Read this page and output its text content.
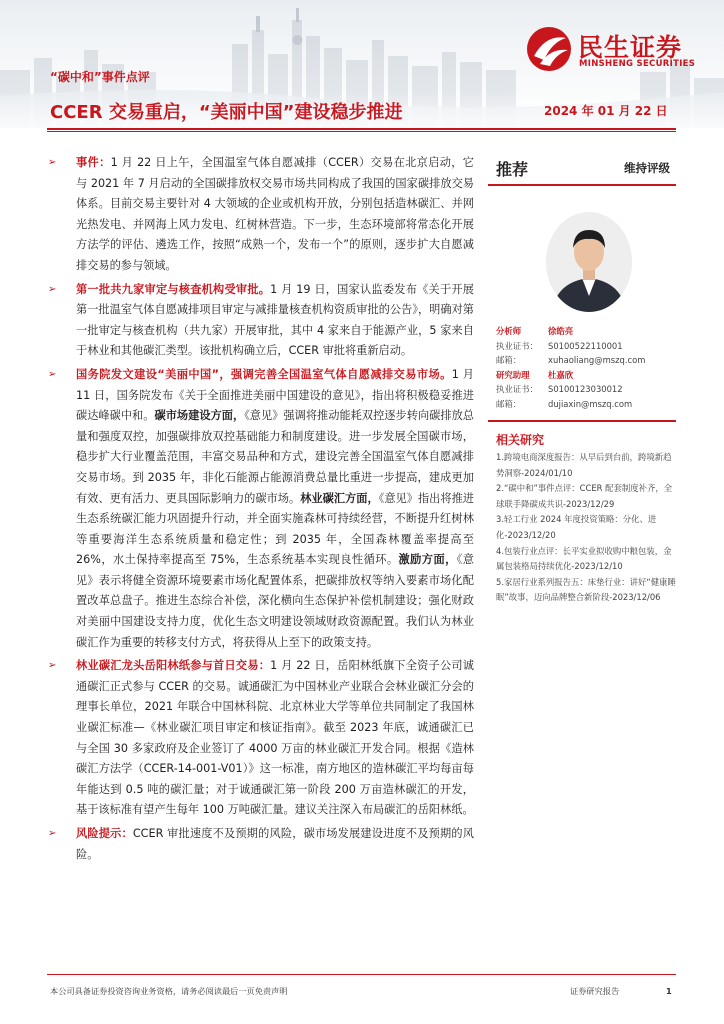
民生证券
MINSHENG SECURITIES
“碳中和”事件点评
CCER 交易重启，“美丽中国”建设稳步推进	2024 年 01 月 22 日

➢ 事件：1 月 22 日上午，全国温室气体自愿减排（CCER）交易在北京启动，它与 2021 年 7 月启动的全国碳排放权交易市场共同构成了我国的国家碳排放交易体系。目前交易主要针对 4 大领域的企业或机构开放，分别包括造林碳汇、并网光热发电、并网海上风力发电、红树林营造。下一步，生态环境部将常态化开展方法学的评估、遴选工作，按照“成熟一个，发布一个”的原则，逐步扩大自愿减排交易的参与领域。

➢ 第一批共九家审定与核查机构受审批。1 月 19 日，国家认监委发布《关于开展第一批温室气体自愿减排项目审定与减排量核查机构资质审批的公告》，明确对第一批审定与核查机构（共九家）开展审批，其中 4 家来自于能源产业，5 家来自于林业和其他碳汇类型。该批机构确立后，CCER 审批将重新启动。

➢ 国务院发文建设“美丽中国”，强调完善全国温室气体自愿减排交易市场。1 月 11 日，国务院发布《关于全面推进美丽中国建设的意见》，指出将积极稳妥推进碳达峰碳中和。碳市场建设方面，《意见》强调将推动能耗双控逐步转向碳排放总量和强度双控，加强碳排放双控基础能力和制度建设。进一步发展全国碳市场，稳步扩大行业覆盖范围，丰富交易品种和方式，建设完善全国温室气体自愿减排交易市场。到 2035 年，非化石能源占能源消费总量比重进一步提高，建成更加有效、更有活力、更具国际影响力的碳市场。林业碳汇方面，《意见》指出将推进生态系统碳汇能力巩固提升行动，并全面实施森林可持续经营，不断提升红树林等重要海洋生态系统质量和稳定性；到 2035 年，全国森林覆盖率提高至 26%，水土保持率提高至 75%，生态系统基本实现良性循环。激励方面，《意见》表示将健全资源环境要素市场化配置体系，把碳排放权等纳入要素市场化配置改革总盘子。推进生态综合补偿，深化横向生态保护补偿机制建设；强化财政对美丽中国建设支持力度，优化生态文明建设领域财政资源配置。我们认为林业碳汇作为重要的转移支付方式，将获得从上至下的政策支持。

➢ 林业碳汇龙头岳阳林纸参与首日交易：1 月 22 日，岳阳林纸旗下全资子公司诚通碳汇正式参与 CCER 的交易。诚通碳汇为中国林业产业联合会林业碳汇分会的理事长单位，2021 年联合中国林科院、北京林业大学等单位共同制定了我国林业碳汇标准—《林业碳汇项目审定和核证指南》。截至 2023 年底，诚通碳汇已与全国 30 多家政府及企业签订了 4000 万亩的林业碳汇开发合同。根据《造林碳汇方法学（CCER-14-001-V01）》这一标准，南方地区的造林碳汇平均每亩每年能达到 0.5 吨的碳汇量；对于诚通碳汇第一阶段 200 万亩造林碳汇的开发，基于该标准有望产生每年 100 万吨碳汇量。建议关注深入布局碳汇的岳阳林纸。

➢ 风险提示：CCER 审批速度不及预期的风险，碳市场发展建设进度不及预期的风险。

推荐	维持评级
分析师	徐皓亮
执业证书：	S0100522110001
邮箱：	xuhaoliang@mszq.com
研究助理	杜嘉欣
执业证书：	S0100123030012
邮箱：	dujiaxin@mszq.com
相关研究
1.跨境电商深度报告：从早后到台前，跨境新趋势洞察-2024/01/10
2.“碳中和”事件点评：CCER 配套制度补齐，全球联手降碳成共识-2023/12/29
3.轻工行业 2024 年度投资策略：分化、进化-2023/12/20
4.包装行业点评：长平实业拟收购中粮包装，金属包装格局持续优化-2023/12/10
5.家居行业系列报告五：床垫行业：讲好“健康睡眠”故事，迈向品牌整合新阶段-2023/12/06
本公司具备证券投资咨询业务资格，请务必阅读最后一页免责声明	证券研究报告	1
